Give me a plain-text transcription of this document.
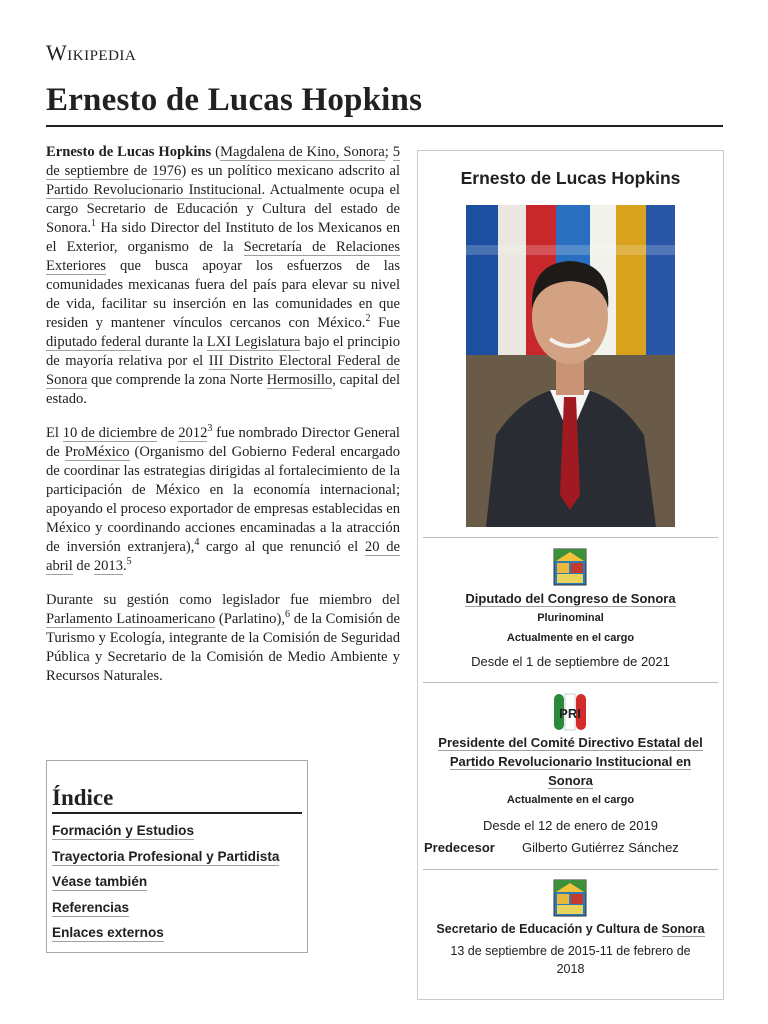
Wikipedia
Ernesto de Lucas Hopkins

Ernesto de Lucas Hopkins (Magdalena de Kino, Sonora; 5 de septiembre de 1976) es un político mexicano adscrito al Partido Revolucionario Institucional. Actualmente ocupa el cargo Secretario de Educación y Cultura del estado de Sonora.$^1$ Ha sido Director del Instituto de los Mexicanos en el Exterior, organismo de la Secretaría de Relaciones Exteriores que busca apoyar los esfuerzos de las comunidades mexicanas fuera del país para elevar su nivel de vida, facilitar su inserción en las comunidades en que residen y mantener vínculos cercanos con México.$^2$ Fue diputado federal durante la LXI Legislatura bajo el principio de mayoría relativa por el III Distrito Electoral Federal de Sonora que comprende la zona Norte Hermosillo, capital del estado.

El 10 de diciembre de 2012$^3$ fue nombrado Director General de ProMéxico (Organismo del Gobierno Federal encargado de coordinar las estrategias dirigidas al fortalecimiento de la participación de México en la economía internacional; apoyando el proceso exportador de empresas establecidas en México y coordinando acciones encaminadas a la atracción de inversión extranjera),$^4$ cargo al que renunció el 20 de abril de 2013.$^5$

Durante su gestión como legislador fue miembro del Parlamento Latinoamericano (Parlatino),$^6$ de la Comisión de Turismo y Ecología, integrante de la Comisión de Seguridad Pública y Secretario de la Comisión de Medio Ambiente y Recursos Naturales.

Índice
Formación y Estudios
Trayectoria Profesional y Partidista
Véase también
Referencias
Enlaces externos
Ernesto de Lucas Hopkins
Diputado del Congreso de Sonora
Plurinominal
Actualmente en el cargo
Desde el 1 de septiembre de 2021
PRI
Presidente del Comité Directivo Estatal del
Partido Revolucionario Institucional en
Sonora
Actualmente en el cargo
Desde el 12 de enero de 2019
Predecesor Gilberto Gutiérrez Sánchez
Secretario de Educación y Cultura de Sonora
13 de septiembre de 2015-11 de febrero de
2018
